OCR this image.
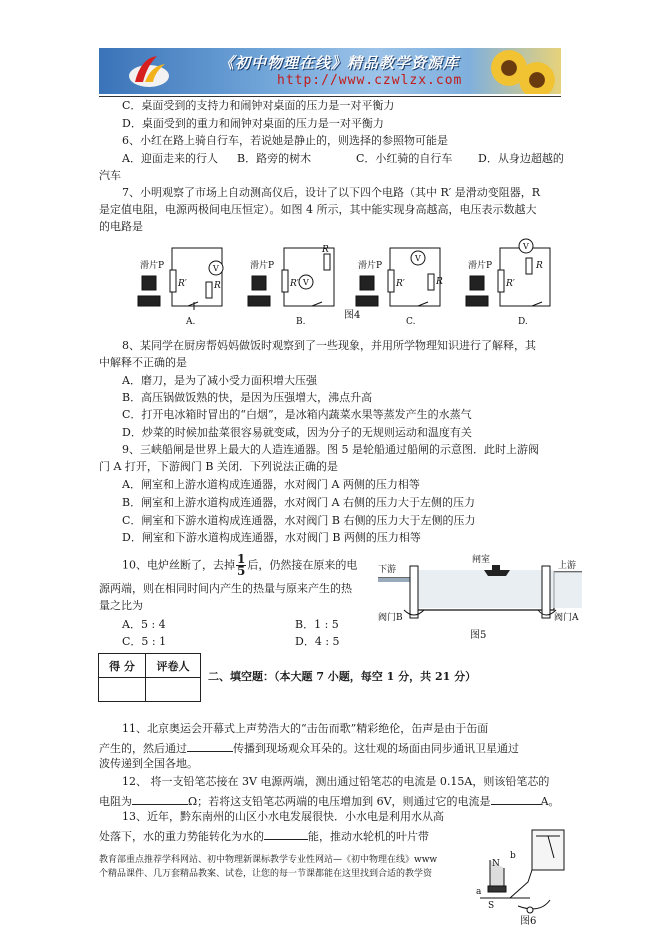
《初中物理在线》精品教学资源库
http://www.czwlzx.com
C．桌面受到的支持力和闹钟对桌面的压力是一对平衡力
D．桌面受到的重力和闹钟对桌面的压力是一对平衡力
6、小红在路上骑自行车，若说她是静止的，则选择的参照物可能是
A．迎面走来的行人 B．路旁的树木	C．小红骑的自行车 D．从身边超越的
汽车
7、小明观察了市场上自动测高仪后，设计了以下四个电路（其中 R′ 是滑动变阻器，R
是定值电阻，电源两极间电压恒定）。如图 4 所示，其中能实现身高越高，电压表示数越大
的电路是
滑片P	滑片P	滑片P	滑片P
V
V
V
V
R
R
R
R
R′	R′	R′	R′
A.	B.	C.	D.
图4
8、某同学在厨房帮妈妈做饭时观察到了一些现象，并用所学物理知识进行了解释，其
中解释不正确的是
A．磨刀，是为了减小受力面积增大压强
B．高压锅做饭熟的快，是因为压强增大，沸点升高
C．打开电冰箱时冒出的“白烟”，是冰箱内蔬菜水果等蒸发产生的水蒸气
D．炒菜的时候加盐菜很容易就变咸，因为分子的无规则运动和温度有关
9、三峡船闸是世界上最大的人造连通器。图 5 是轮船通过船闸的示意图．此时上游阀
门 A 打开，下游阀门 B 关闭．下列说法正确的是
A．闸室和上游水道构成连通器，水对阀门 A 两侧的压力相等
B．闸室和上游水道构成连通器，水对阀门 A 右侧的压力大于左侧的压力
C．闸室和下游水道构成连通器，水对阀门 B 右侧的压力大于左侧的压力
D．闸室和下游水道构成连通器，水对阀门 B 两侧的压力相等
10、电炉丝断了，去掉 $\frac{1}{5}$ 后，仍然接在原来的电
源两端，则在相同时间内产生的热量与原来产生的热
量之比为
A．5 : 4	B．1 : 5
C．5 : 1	D．4 : 5
闸室
下游	上游
阀门B	阀门A
图5
得 分	评卷人

二、填空题：（本大题 7 小题，每空 1 分，共 21 分）
11、北京奥运会开幕式上声势浩大的“击缶而歌”精彩绝伦，缶声是由于缶面
产生的，然后通过	传播到现场观众耳朵的。这壮观的场面由同步通讯卫星通过
波传递到全国各地。
12、 将一支铅笔芯接在 3V 电源两端，测出通过铅笔芯的电流是 0.15A，则该铅笔芯的
电阻为	Ω；若将这支铅笔芯两端的电压增加到 6V，则通过它的电流是	A。
13、近年，黔东南州的山区小水电发展很快．小水电是利用水从高
处落下，水的重力势能转化为水的	能，推动水轮机的叶片带
教育部重点推荐学科网站、初中物理新课标教学专业性网站—《初中物理在线》www
个精品课件、几万套精品教案、试卷，让您的每一节课都能在这里找到合适的教学资
N
S
a
b
图6
